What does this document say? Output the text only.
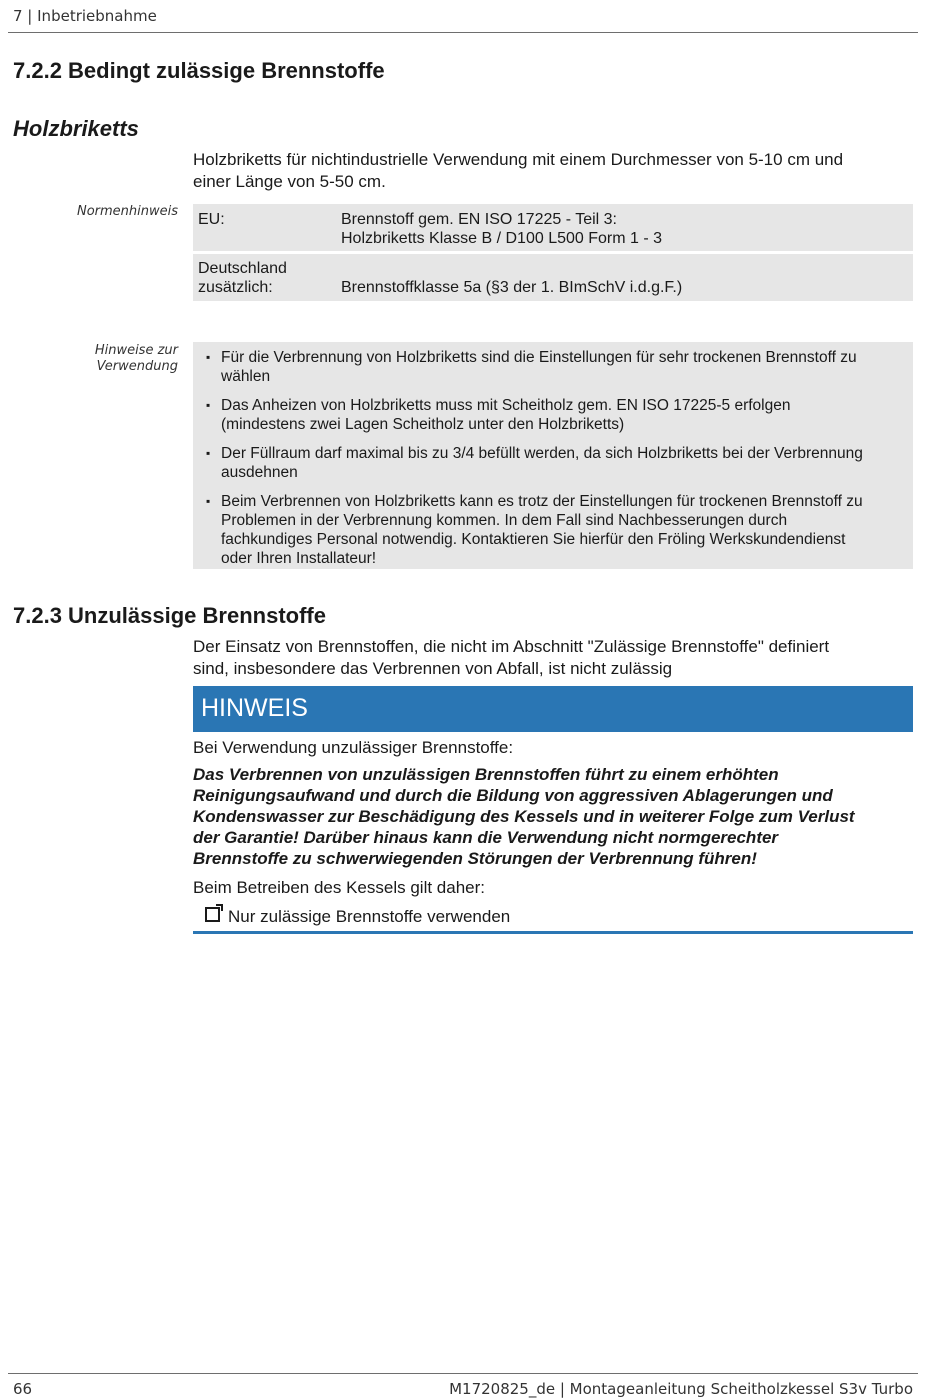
7 | Inbetriebnahme
7.2.2 Bedingt zulässige Brennstoffe
Holzbriketts
Holzbriketts für nichtindustrielle Verwendung mit einem Durchmesser von 5-10 cm und
einer Länge von 5-50 cm.
Normenhinweis EU:	Brennstoff gem. EN ISO 17225 - Teil 3:
Holzbriketts Klasse B / D100 L500 Form 1 - 3
Deutschland
zusätzlich:	Brennstoffklasse 5a (§3 der 1. BImSchV i.d.g.F.)
Hinweise zur
Verwendung
▪ Für die Verbrennung von Holzbriketts sind die Einstellungen für sehr trockenen Brennstoff zu
wählen
▪ Das Anheizen von Holzbriketts muss mit Scheitholz gem. EN ISO 17225-5 erfolgen
(mindestens zwei Lagen Scheitholz unter den Holzbriketts)
▪ Der Füllraum darf maximal bis zu 3/4 befüllt werden, da sich Holzbriketts bei der Verbrennung
ausdehnen
▪ Beim Verbrennen von Holzbriketts kann es trotz der Einstellungen für trockenen Brennstoff zu
Problemen in der Verbrennung kommen. In dem Fall sind Nachbesserungen durch
fachkundiges Personal notwendig. Kontaktieren Sie hierfür den Fröling Werkskundendienst
oder Ihren Installateur!
7.2.3 Unzulässige Brennstoffe
Der Einsatz von Brennstoffen, die nicht im Abschnitt "Zulässige Brennstoffe" definiert
sind, insbesondere das Verbrennen von Abfall, ist nicht zulässig
HINWEIS
Bei Verwendung unzulässiger Brennstoffe:
Das Verbrennen von unzulässigen Brennstoffen führt zu einem erhöhten
Reinigungsaufwand und durch die Bildung von aggressiven Ablagerungen und
Kondenswasser zur Beschädigung des Kessels und in weiterer Folge zum Verlust
der Garantie! Darüber hinaus kann die Verwendung nicht normgerechter
Brennstoffe zu schwerwiegenden Störungen der Verbrennung führen!
Beim Betreiben des Kessels gilt daher:
Nur zulässige Brennstoffe verwenden
66	M1720825_de | Montageanleitung Scheitholzkessel S3v Turbo
